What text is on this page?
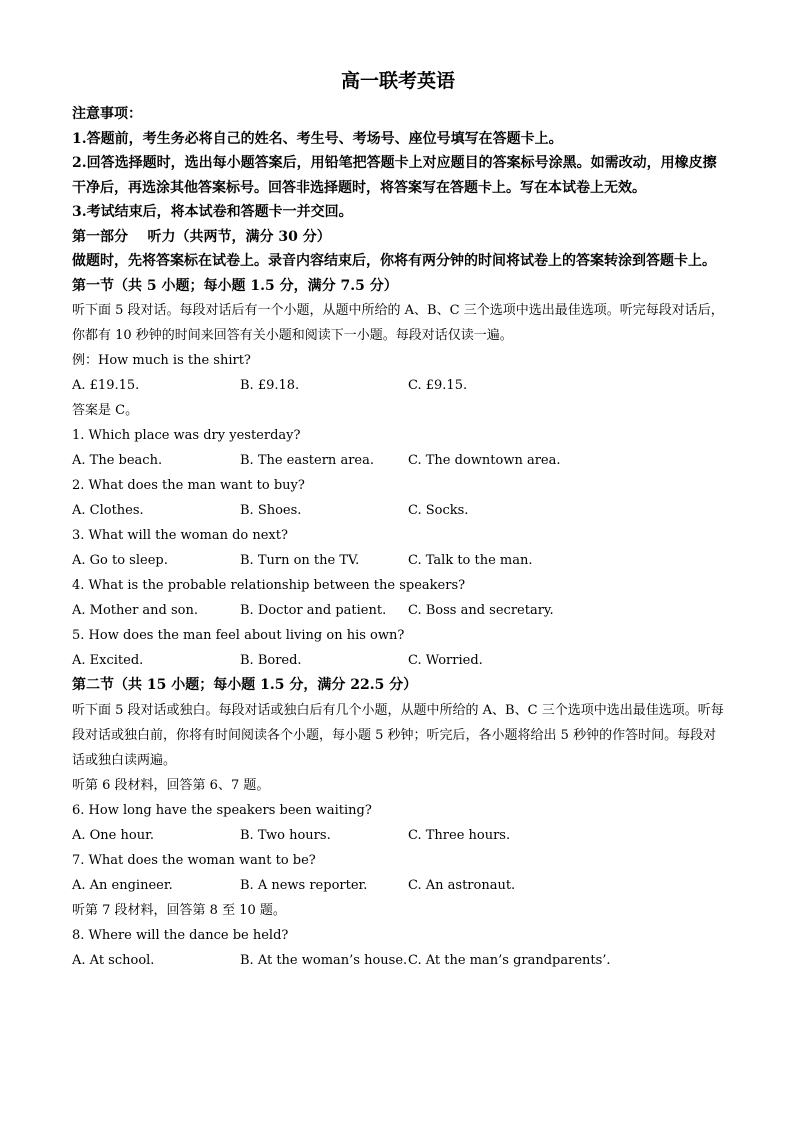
高一联考英语
注意事项：
1.答题前，考生务必将自己的姓名、考生号、考场号、座位号填写在答题卡上。
2.回答选择题时，选出每小题答案后，用铅笔把答题卡上对应题目的答案标号涂黑。如需改动，用橡皮擦干净后，再选涂其他答案标号。回答非选择题时，将答案写在答题卡上。写在本试卷上无效。
3.考试结束后，将本试卷和答题卡一并交回。
第一部分    听力（共两节，满分 30 分）
做题时，先将答案标在试卷上。录音内容结束后，你将有两分钟的时间将试卷上的答案转涂到答题卡上。
第一节（共 5 小题；每小题 1.5 分，满分 7.5 分）
听下面 5 段对话。每段对话后有一个小题，从题中所给的 A、B、C 三个选项中选出最佳选项。听完每段对话后，你都有 10 秒钟的时间来回答有关小题和阅读下一小题。每段对话仅读一遍。
例：How much is the shirt?
A. £19.15.	B. £9.18.	C. £9.15.
答案是 C。
1. Which place was dry yesterday?
A. The beach.	B. The eastern area.	C. The downtown area.
2. What does the man want to buy?
A. Clothes.	B. Shoes.	C. Socks.
3. What will the woman do next?
A. Go to sleep.	B. Turn on the TV.	C. Talk to the man.
4. What is the probable relationship between the speakers?
A. Mother and son.	B. Doctor and patient.	C. Boss and secretary.
5. How does the man feel about living on his own?
A. Excited.	B. Bored.	C. Worried.
第二节（共 15 小题；每小题 1.5 分，满分 22.5 分）
听下面 5 段对话或独白。每段对话或独白后有几个小题，从题中所给的 A、B、C 三个选项中选出最佳选项。听每段对话或独白前，你将有时间阅读各个小题，每小题 5 秒钟；听完后，各小题将给出 5 秒钟的作答时间。每段对话或独白读两遍。
听第 6 段材料，回答第 6、7 题。
6. How long have the speakers been waiting?
A. One hour.	B. Two hours.	C. Three hours.
7. What does the woman want to be?
A. An engineer.	B. A news reporter.	C. An astronaut.
听第 7 段材料，回答第 8 至 10 题。
8. Where will the dance be held?
A. At school.	B. At the woman’s house. C. At the man’s grandparents’.
